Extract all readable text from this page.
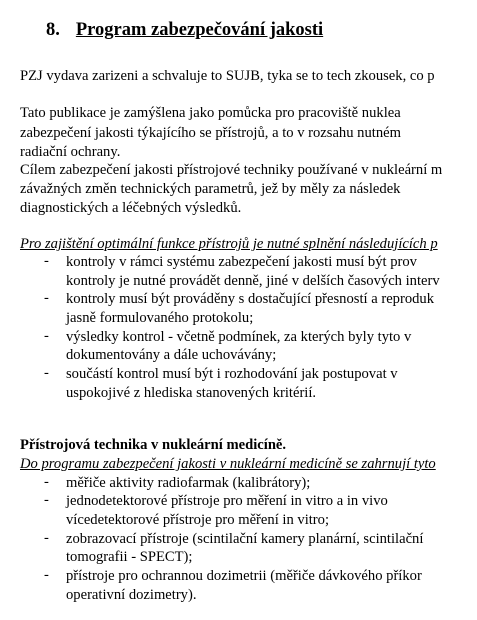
8. Program zabezpečování jakosti
PZJ vydava zarizeni a schvaluje to SUJB, tyka se to tech zkousek, co p
Tato publikace je zamýšlena jako pomůcka pro pracoviště nuklea
zabezpečení jakosti týkajícího se přístrojů, a to v rozsahu nutném
radiační ochrany.
Cílem zabezpečení jakosti přístrojové techniky používané v nukleární m
závažných změn technických parametrů, jež by měly za následek
diagnostických a léčebných výsledků.
Pro zajištění optimální funkce přístrojů je nutné splnění následujících p
- kontroly v rámci systému zabezpečení jakosti musí být prov
kontroly je nutné provádět denně, jiné v delších časových interv
- kontroly musí být prováděny s dostačující přesností a reproduk
jasně formulovaného protokolu;
- výsledky kontrol - včetně podmínek, za kterých byly tyto v
dokumentovány a dále uchovávány;
- součástí kontrol musí být i rozhodování jak postupovat v
uspokojivé z hlediska stanovených kritérií.
Přístrojová technika v nukleární medicíně.
Do programu zabezpečení jakosti v nukleární medicíně se zahrnují tyto
- měřiče aktivity radiofarmak (kalibrátory);
- jednodetektorové přístroje pro měření in vitro a in vivo
vícedetektorové přístroje pro měření in vitro;
- zobrazovací přístroje (scintilační kamery planární, scintilační
tomografii - SPECT);
- přístroje pro ochrannou dozimetrii (měřiče dávkového příkor
operativní dozimetry).
